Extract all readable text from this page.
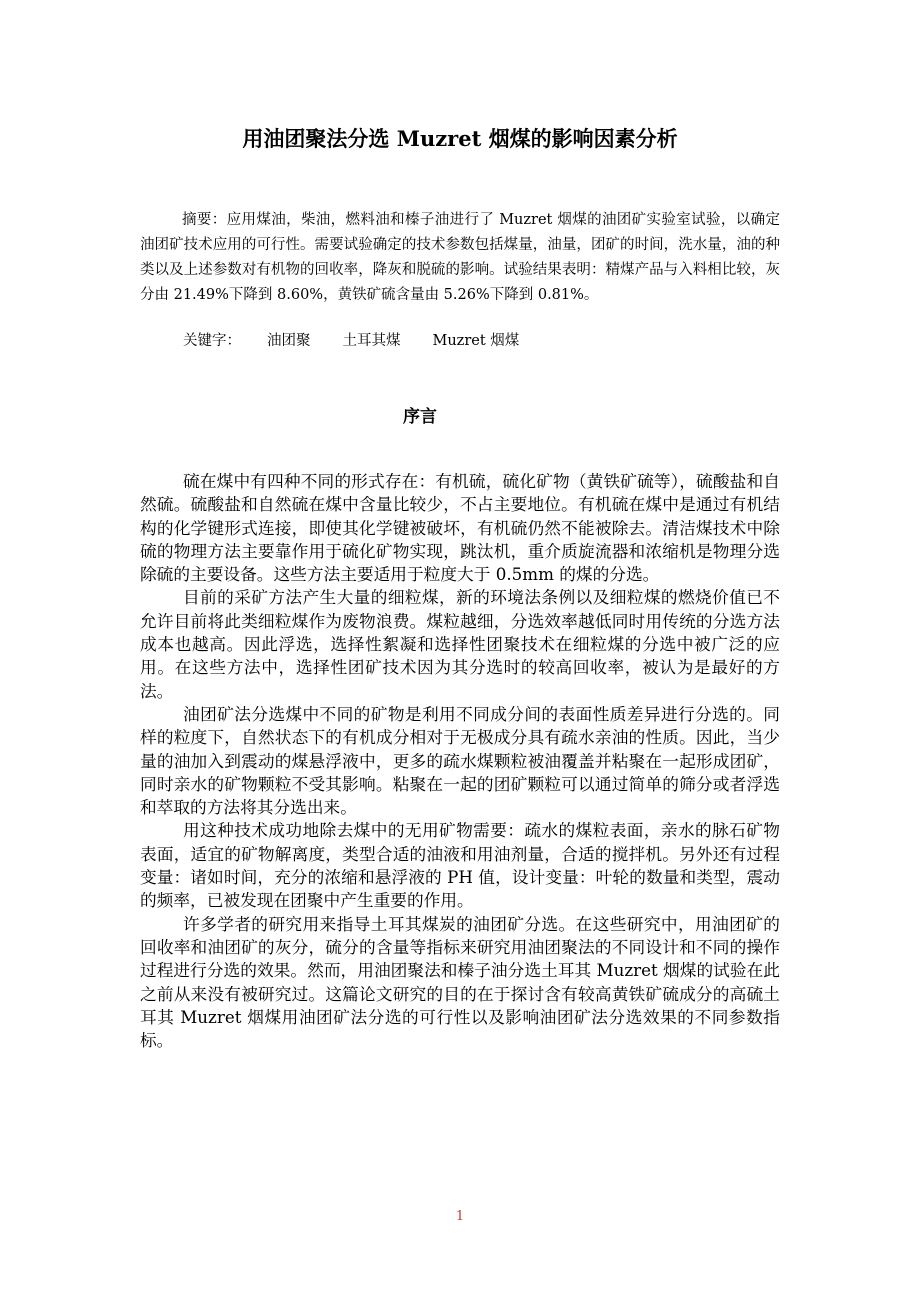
用油团聚法分选 Muzret 烟煤的影响因素分析

摘要：应用煤油，柴油，燃料油和榛子油进行了 Muzret 烟煤的油团矿实验室试验，以确定油团矿技术应用的可行性。需要试验确定的技术参数包括煤量，油量，团矿的时间，洗水量，油的种类以及上述参数对有机物的回收率，降灰和脱硫的影响。试验结果表明：精煤产品与入料相比较，灰分由 21.49%下降到 8.60%，黄铁矿硫含量由 5.26%下降到 0.81%。

关键字： 油团聚 土耳其煤 Muzret 烟煤
序言

硫在煤中有四种不同的形式存在：有机硫，硫化矿物（黄铁矿硫等），硫酸盐和自然硫。硫酸盐和自然硫在煤中含量比较少，不占主要地位。有机硫在煤中是通过有机结构的化学键形式连接，即使其化学键被破坏，有机硫仍然不能被除去。清洁煤技术中除硫的物理方法主要靠作用于硫化矿物实现，跳汰机，重介质旋流器和浓缩机是物理分选除硫的主要设备。这些方法主要适用于粒度大于 0.5mm 的煤的分选。

目前的采矿方法产生大量的细粒煤，新的环境法条例以及细粒煤的燃烧价值已不允许目前将此类细粒煤作为废物浪费。煤粒越细，分选效率越低同时用传统的分选方法成本也越高。因此浮选，选择性絮凝和选择性团聚技术在细粒煤的分选中被广泛的应用。在这些方法中，选择性团矿技术因为其分选时的较高回收率，被认为是最好的方法。

油团矿法分选煤中不同的矿物是利用不同成分间的表面性质差异进行分选的。同样的粒度下，自然状态下的有机成分相对于无极成分具有疏水亲油的性质。因此，当少量的油加入到震动的煤悬浮液中，更多的疏水煤颗粒被油覆盖并粘聚在一起形成团矿，同时亲水的矿物颗粒不受其影响。粘聚在一起的团矿颗粒可以通过简单的筛分或者浮选和萃取的方法将其分选出来。

用这种技术成功地除去煤中的无用矿物需要：疏水的煤粒表面，亲水的脉石矿物表面，适宜的矿物解离度，类型合适的油液和用油剂量，合适的搅拌机。另外还有过程变量：诸如时间，充分的浓缩和悬浮液的 PH 值，设计变量：叶轮的数量和类型，震动的频率，已被发现在团聚中产生重要的作用。

许多学者的研究用来指导土耳其煤炭的油团矿分选。在这些研究中，用油团矿的回收率和油团矿的灰分，硫分的含量等指标来研究用油团聚法的不同设计和不同的操作过程进行分选的效果。然而，用油团聚法和榛子油分选土耳其 Muzret 烟煤的试验在此之前从来没有被研究过。这篇论文研究的目的在于探讨含有较高黄铁矿硫成分的高硫土耳其 Muzret 烟煤用油团矿法分选的可行性以及影响油团矿法分选效果的不同参数指标。

1
